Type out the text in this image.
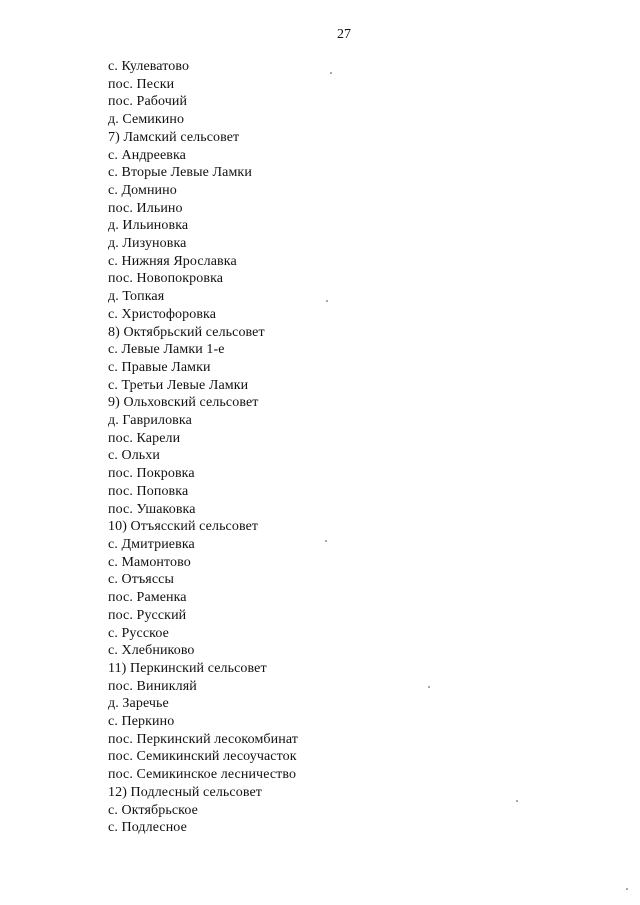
27
с. Кулеватово
пос. Пески
пос. Рабочий
д. Семикино
7) Ламский сельсовет
с. Андреевка
с. Вторые Левые Ламки
с. Домнино
пос. Ильино
д. Ильиновка
д. Лизуновка
с. Нижняя Ярославка
пос. Новопокровка
д. Топкая
с. Христофоровка
8) Октябрьский сельсовет
с. Левые Ламки 1-е
с. Правые Ламки
с. Третьи Левые Ламки
9) Ольховский сельсовет
д. Гавриловка
пос. Карели
с. Ольхи
пос. Покровка
пос. Поповка
пос. Ушаковка
10) Отъясский сельсовет
с. Дмитриевка
с. Мамонтово
с. Отъяссы
пос. Раменка
пос. Русский
с. Русское
с. Хлебниково
11) Перкинский сельсовет
пос. Виникляй
д. Заречье
с. Перкино
пос. Перкинский лесокомбинат
пос. Семикинский лесоучасток
пос. Семикинское лесничество
12) Подлесный сельсовет
с. Октябрьское
с. Подлесное
